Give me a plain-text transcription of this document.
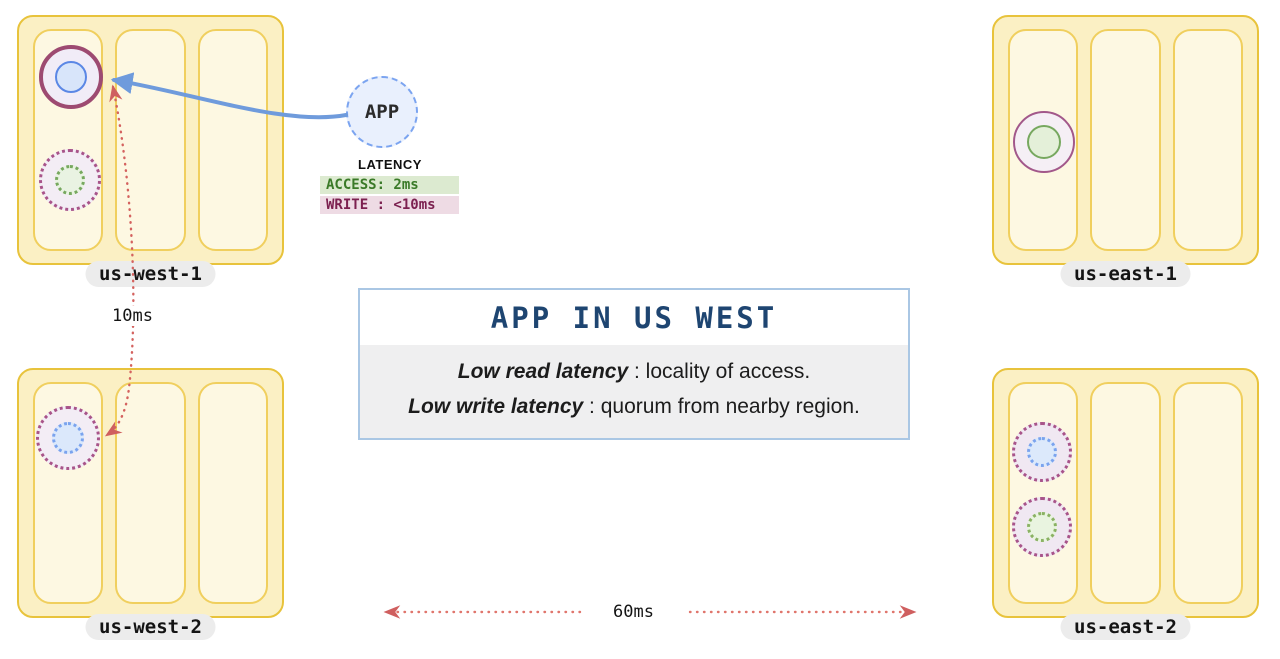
us-west-1	us-east-1
us-west-2	us-east-2
APP
LATENCY
ACCESS: 2ms
WRITE : <10ms
APP IN US WEST
Low read latency : locality of access.
Low write latency : quorum from nearby region.
10ms
60ms
